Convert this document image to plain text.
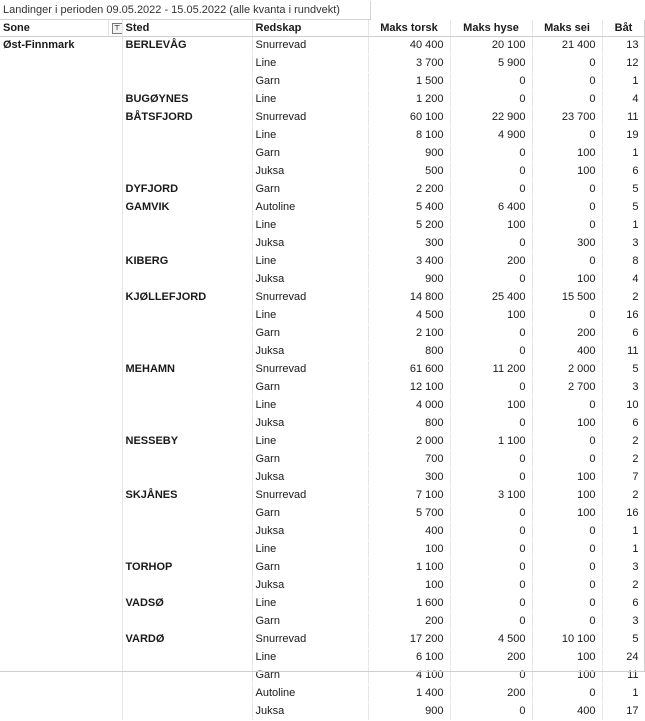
Landinger i perioden 09.05.2022 - 15.05.2022 (alle kvanta i rundvekt)
Sone	⊤	Sted	Redskap	Maks torsk	Maks hyse	Maks sei	Båt
Øst-Finnmark		BERLEVÅG	Snurrevad	40 400	20 100	21 400	13
			Line	3 700	5 900	0	12
			Garn	1 500	0	0	1
		BUGØYNES	Line	1 200	0	0	4
		BÅTSFJORD	Snurrevad	60 100	22 900	23 700	11
			Line	8 100	4 900	0	19
			Garn	900	0	100	1
			Juksa	500	0	100	6
		DYFJORD	Garn	2 200	0	0	5
		GAMVIK	Autoline	5 400	6 400	0	5
			Line	5 200	100	0	1
			Juksa	300	0	300	3
		KIBERG	Line	3 400	200	0	8
			Juksa	900	0	100	4
		KJØLLEFJORD	Snurrevad	14 800	25 400	15 500	2
			Line	4 500	100	0	16
			Garn	2 100	0	200	6
			Juksa	800	0	400	11
		MEHAMN	Snurrevad	61 600	11 200	2 000	5
			Garn	12 100	0	2 700	3
			Line	4 000	100	0	10
			Juksa	800	0	100	6
		NESSEBY	Line	2 000	1 100	0	2
			Garn	700	0	0	2
			Juksa	300	0	100	7
		SKJÅNES	Snurrevad	7 100	3 100	100	2
			Garn	5 700	0	100	16
			Juksa	400	0	0	1
			Line	100	0	0	1
		TORHOP	Garn	1 100	0	0	3
			Juksa	100	0	0	2
		VADSØ	Line	1 600	0	0	6
			Garn	200	0	0	3
		VARDØ	Snurrevad	17 200	4 500	10 100	5
			Line	6 100	200	100	24
			Garn	4 100	0	100	11
			Autoline	1 400	200	0	1
			Juksa	900	0	400	17
